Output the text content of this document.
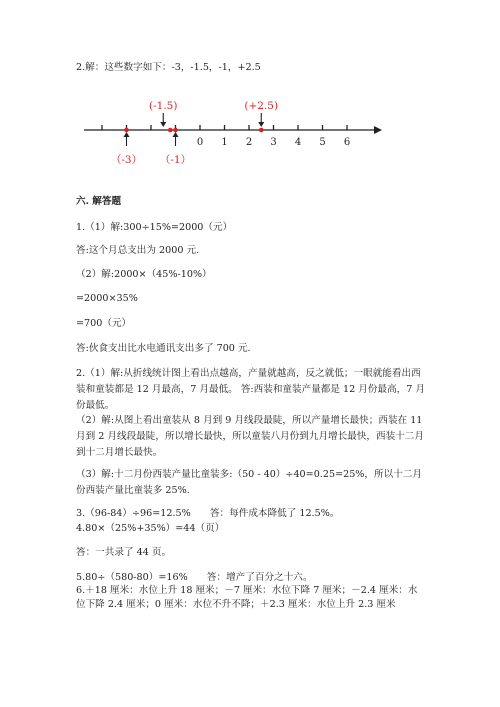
2.解：这些数字如下：-3，-1.5，-1，+2.5
0 1 2 3 4 5 6
(-1.5)	(+2.5)
（-3） （-1）
六. 解答题
1.（1）解:300÷15%=2000（元）
答:这个月总支出为 2000 元.
（2）解:2000×（45%-10%）
=2000×35%
=700（元）
答:伙食支出比水电通讯支出多了 700 元.
2.（1）解:从折线统计图上看出点越高，产量就越高，反之就低；一眼就能看出西装和童装都是 12 月最高，7 月最低。 答:西装和童装产量都是 12 月份最高，7 月份最低。
（2）解:从图上看出童装从 8 月到 9 月线段最陡，所以产量增长最快；西装在 11 月到 2 月线段最陡，所以增长最快，所以童装八月份到九月增长最快，西装十二月到十二月增长最快。
（3）解:十二月份西装产量比童装多:（50 - 40）÷40=0.25=25%，所以十二月份西装产量比童装多 25%.
3.（96-84）÷96=12.5%　　答：每件成本降低了 12.5%。
4.80×（25%+35%）=44（页）
答：一共录了 44 页。
5.80÷（580-80）=16%　　答：增产了百分之十六。
6.＋18 厘米：水位上升 18 厘米；－7 厘米：水位下降 7 厘米；－2.4 厘米：水位下降 2.4 厘米；0 厘米：水位不升不降；＋2.3 厘米：水位上升 2.3 厘米
